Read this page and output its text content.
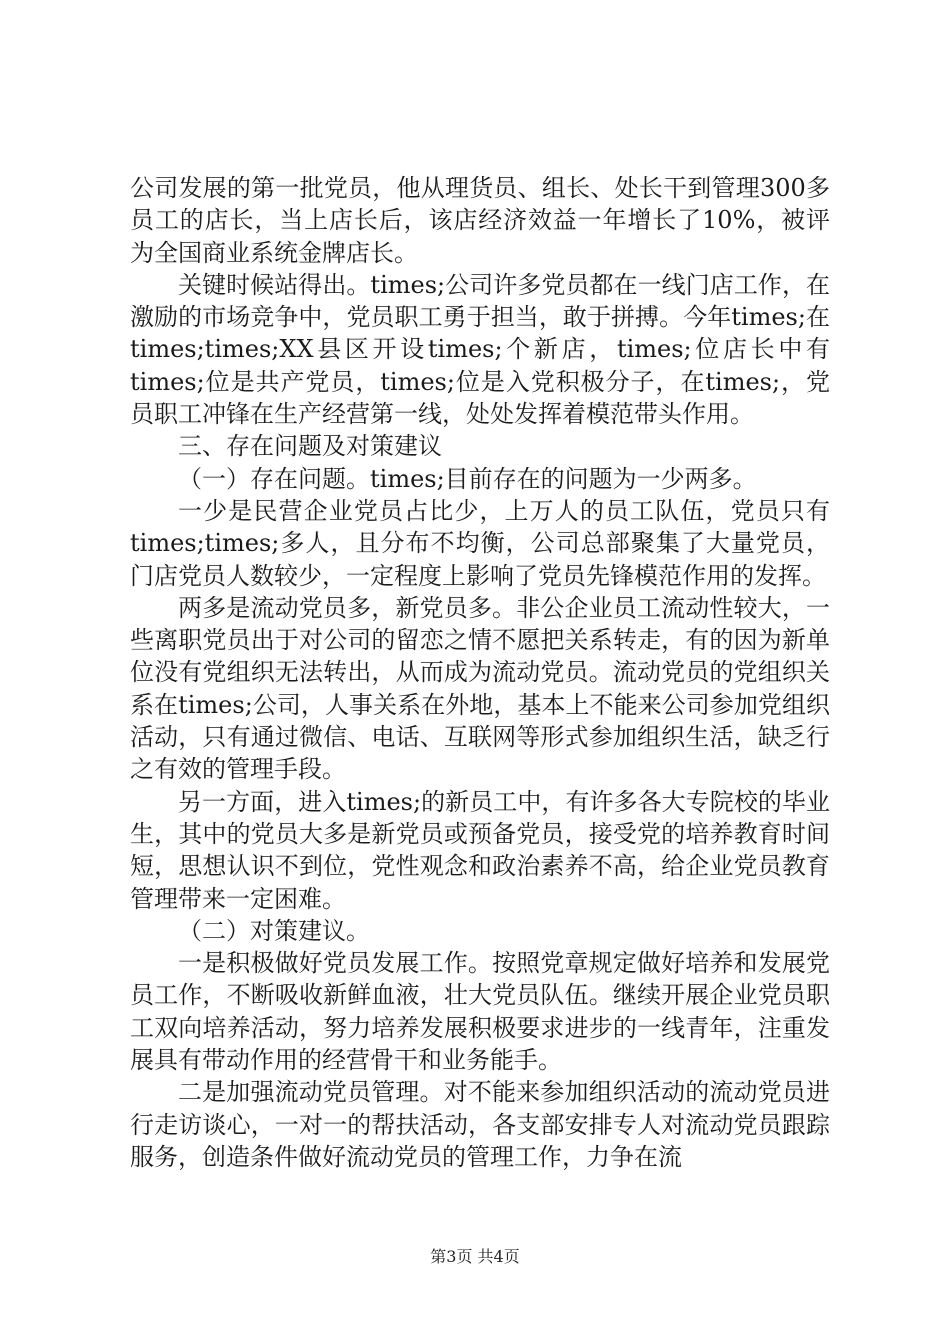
公司发展的第一批党员，他从理货员、组长、处长干到管理300多员工的店长，当上店长后，该店经济效益一年增长了10%，被评为全国商业系统金牌店长。

关键时候站得出。times;公司许多党员都在一线门店工作，在激励的市场竞争中，党员职工勇于担当，敢于拼搏。今年times;在times;times;XX县区开设times;个新店，times;位店长中有times;位是共产党员，times;位是入党积极分子，在times;，党员职工冲锋在生产经营第一线，处处发挥着模范带头作用。

三、存在问题及对策建议

（一）存在问题。times;目前存在的问题为一少两多。

一少是民营企业党员占比少，上万人的员工队伍，党员只有times;times;多人，且分布不均衡，公司总部聚集了大量党员，门店党员人数较少，一定程度上影响了党员先锋模范作用的发挥。

两多是流动党员多，新党员多。非公企业员工流动性较大，一些离职党员出于对公司的留恋之情不愿把关系转走，有的因为新单位没有党组织无法转出，从而成为流动党员。流动党员的党组织关系在times;公司，人事关系在外地，基本上不能来公司参加党组织活动，只有通过微信、电话、互联网等形式参加组织生活，缺乏行之有效的管理手段。

另一方面，进入times;的新员工中，有许多各大专院校的毕业生，其中的党员大多是新党员或预备党员，接受党的培养教育时间短，思想认识不到位，党性观念和政治素养不高，给企业党员教育管理带来一定困难。

（二）对策建议。

一是积极做好党员发展工作。按照党章规定做好培养和发展党员工作，不断吸收新鲜血液，壮大党员队伍。继续开展企业党员职工双向培养活动，努力培养发展积极要求进步的一线青年，注重发展具有带动作用的经营骨干和业务能手。

二是加强流动党员管理。对不能来参加组织活动的流动党员进行走访谈心，一对一的帮扶活动，各支部安排专人对流动党员跟踪服务，创造条件做好流动党员的管理工作，力争在流

第3页 共4页
